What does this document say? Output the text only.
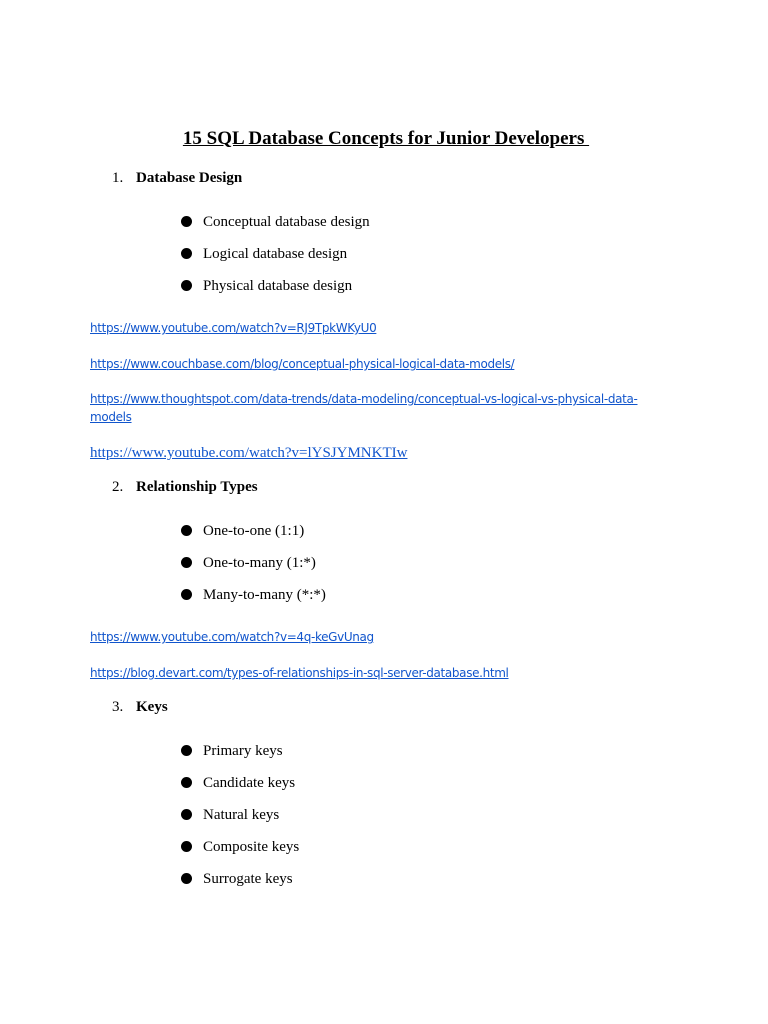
15 SQL Database Concepts for Junior Developers
1. Database Design
Conceptual database design
Logical database design
Physical database design
https://www.youtube.com/watch?v=RJ9TpkWKyU0
https://www.couchbase.com/blog/conceptual-physical-logical-data-models/
https://www.thoughtspot.com/data-trends/data-modeling/conceptual-vs-logical-vs-physical-data-models
https://www.youtube.com/watch?v=lYSJYMNKTIw
2. Relationship Types
One-to-one (1:1)
One-to-many (1:*)
Many-to-many (*:*)
https://www.youtube.com/watch?v=4q-keGvUnag
https://blog.devart.com/types-of-relationships-in-sql-server-database.html
3. Keys
Primary keys
Candidate keys
Natural keys
Composite keys
Surrogate keys
